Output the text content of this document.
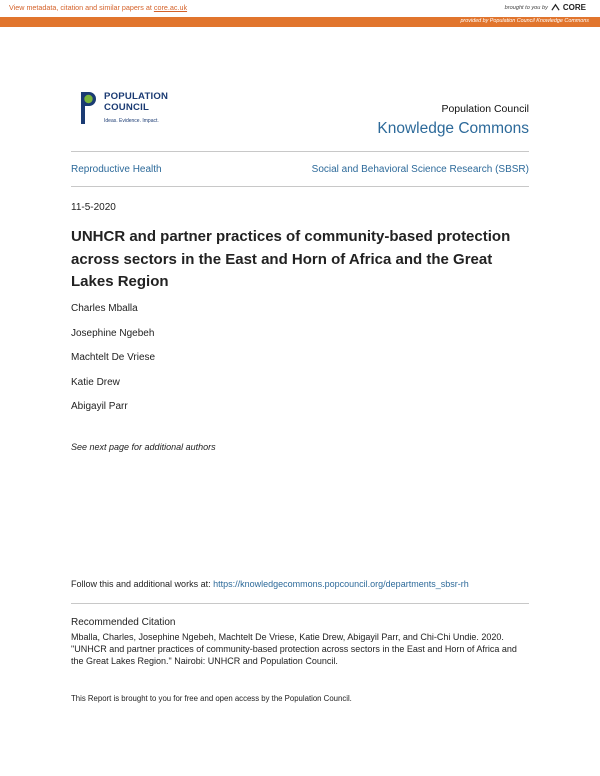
View metadata, citation and similar papers at core.ac.uk	brought to you by CORE
provided by Population Council Knowledge Commons
POPULATION
COUNCIL
Ideas. Evidence. Impact.
Population Council
Knowledge Commons
Reproductive Health	Social and Behavioral Science Research (SBSR)
11-5-2020
UNHCR and partner practices of community-based protection across sectors in the East and Horn of Africa and the Great Lakes Region
Charles Mballa
Josephine Ngebeh
Machtelt De Vriese
Katie Drew
Abigayil Parr
See next page for additional authors
Follow this and additional works at: https://knowledgecommons.popcouncil.org/departments_sbsr-rh
Recommended Citation
Mballa, Charles, Josephine Ngebeh, Machtelt De Vriese, Katie Drew, Abigayil Parr, and Chi-Chi Undie. 2020. "UNHCR and partner practices of community-based protection across sectors in the East and Horn of Africa and the Great Lakes Region." Nairobi: UNHCR and Population Council.
This Report is brought to you for free and open access by the Population Council.
